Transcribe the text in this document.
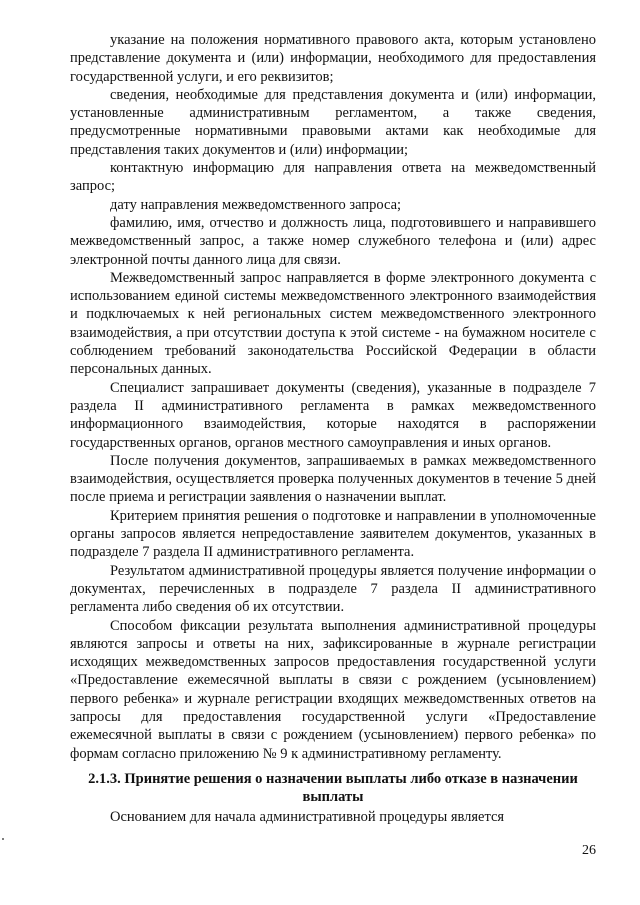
указание на положения нормативного правового акта, которым установлено представление документа и (или) информации, необходимого для предоставления государственной услуги, и его реквизитов;

сведения, необходимые для представления документа и (или) информации, установленные административным регламентом, а также сведения, предусмотренные нормативными правовыми актами как необходимые для представления таких документов и (или) информации;

контактную информацию для направления ответа на межведомственный запрос;

дату направления межведомственного запроса;

фамилию, имя, отчество и должность лица, подготовившего и направившего межведомственный запрос, а также номер служебного телефона и (или) адрес электронной почты данного лица для связи.

Межведомственный запрос направляется в форме электронного документа с использованием единой системы межведомственного электронного взаимодействия и подключаемых к ней региональных систем межведомственного электронного взаимодействия, а при отсутствии доступа к этой системе - на бумажном носителе с соблюдением требований законодательства Российской Федерации в области персональных данных.

Специалист запрашивает документы (сведения), указанные в подразделе 7 раздела II административного регламента в рамках межведомственного информационного взаимодействия, которые находятся в распоряжении государственных органов, органов местного самоуправления и иных органов.

После получения документов, запрашиваемых в рамках межведомственного взаимодействия, осуществляется проверка полученных документов в течение 5 дней после приема и регистрации заявления о назначении выплат.

Критерием принятия решения о подготовке и направлении в уполномоченные органы запросов является непредоставление заявителем документов, указанных в подразделе 7 раздела II административного регламента.

Результатом административной процедуры является получение информации о документах, перечисленных в подразделе 7 раздела II административного регламента либо сведения об их отсутствии.

Способом фиксации результата выполнения административной процедуры являются запросы и ответы на них, зафиксированные в журнале регистрации исходящих межведомственных запросов предоставления государственной услуги «Предоставление ежемесячной выплаты в связи с рождением (усыновлением) первого ребенка» и журнале регистрации входящих межведомственных ответов на запросы для предоставления государственной услуги «Предоставление ежемесячной выплаты в связи с рождением (усыновлением) первого ребенка» по формам согласно приложению № 9 к административному регламенту.

2.1.3. Принятие решения о назначении выплаты либо отказе в назначении выплаты

Основанием для начала административной процедуры является

26
